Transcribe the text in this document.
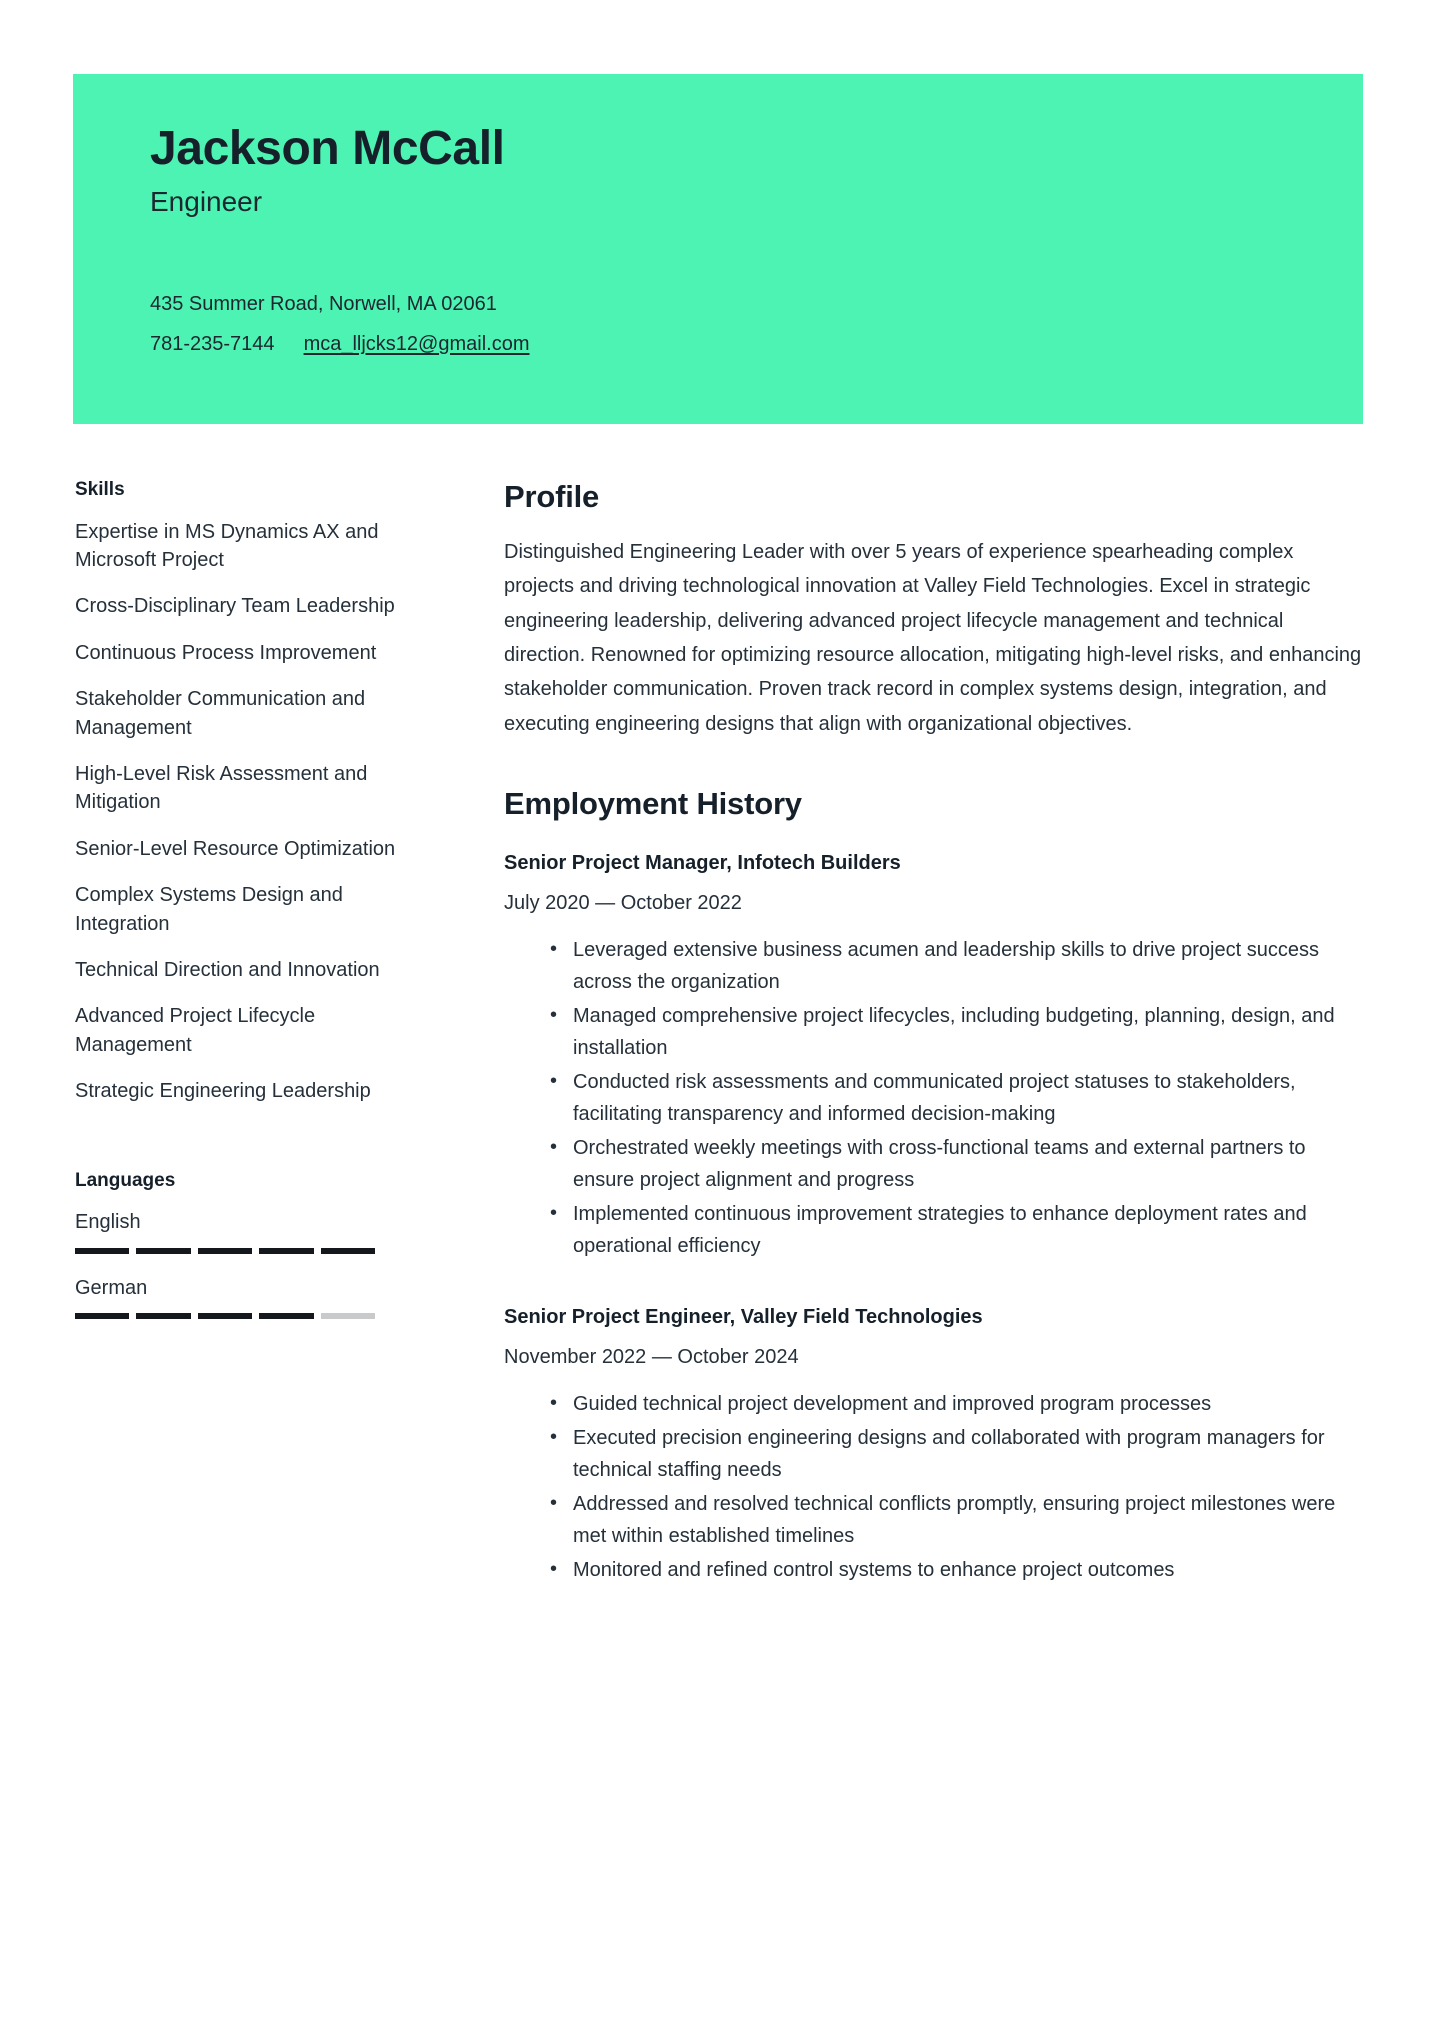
Jackson McCall
Engineer
435 Summer Road, Norwell, MA 02061
781-235-7144 mca_lljcks12@gmail.com
Skills
Expertise in MS Dynamics AX and Microsoft Project
Cross-Disciplinary Team Leadership
Continuous Process Improvement
Stakeholder Communication and Management
High-Level Risk Assessment and Mitigation
Senior-Level Resource Optimization
Complex Systems Design and Integration
Technical Direction and Innovation
Advanced Project Lifecycle Management
Strategic Engineering Leadership
Languages
English
German
Profile

Distinguished Engineering Leader with over 5 years of experience spearheading complex projects and driving technological innovation at Valley Field Technologies. Excel in strategic engineering leadership, delivering advanced project lifecycle management and technical direction. Renowned for optimizing resource allocation, mitigating high-level risks, and enhancing stakeholder communication. Proven track record in complex systems design, integration, and executing engineering designs that align with organizational objectives.

Employment History
Senior Project Manager, Infotech Builders
July 2020 — October 2022
• Leveraged extensive business acumen and leadership skills to drive project success across the organization
• Managed comprehensive project lifecycles, including budgeting, planning, design, and installation
• Conducted risk assessments and communicated project statuses to stakeholders, facilitating transparency and informed decision-making
• Orchestrated weekly meetings with cross-functional teams and external partners to ensure project alignment and progress
• Implemented continuous improvement strategies to enhance deployment rates and operational efficiency
Senior Project Engineer, Valley Field Technologies
November 2022 — October 2024
• Guided technical project development and improved program processes
• Executed precision engineering designs and collaborated with program managers for technical staffing needs
• Addressed and resolved technical conflicts promptly, ensuring project milestones were met within established timelines
• Monitored and refined control systems to enhance project outcomes
